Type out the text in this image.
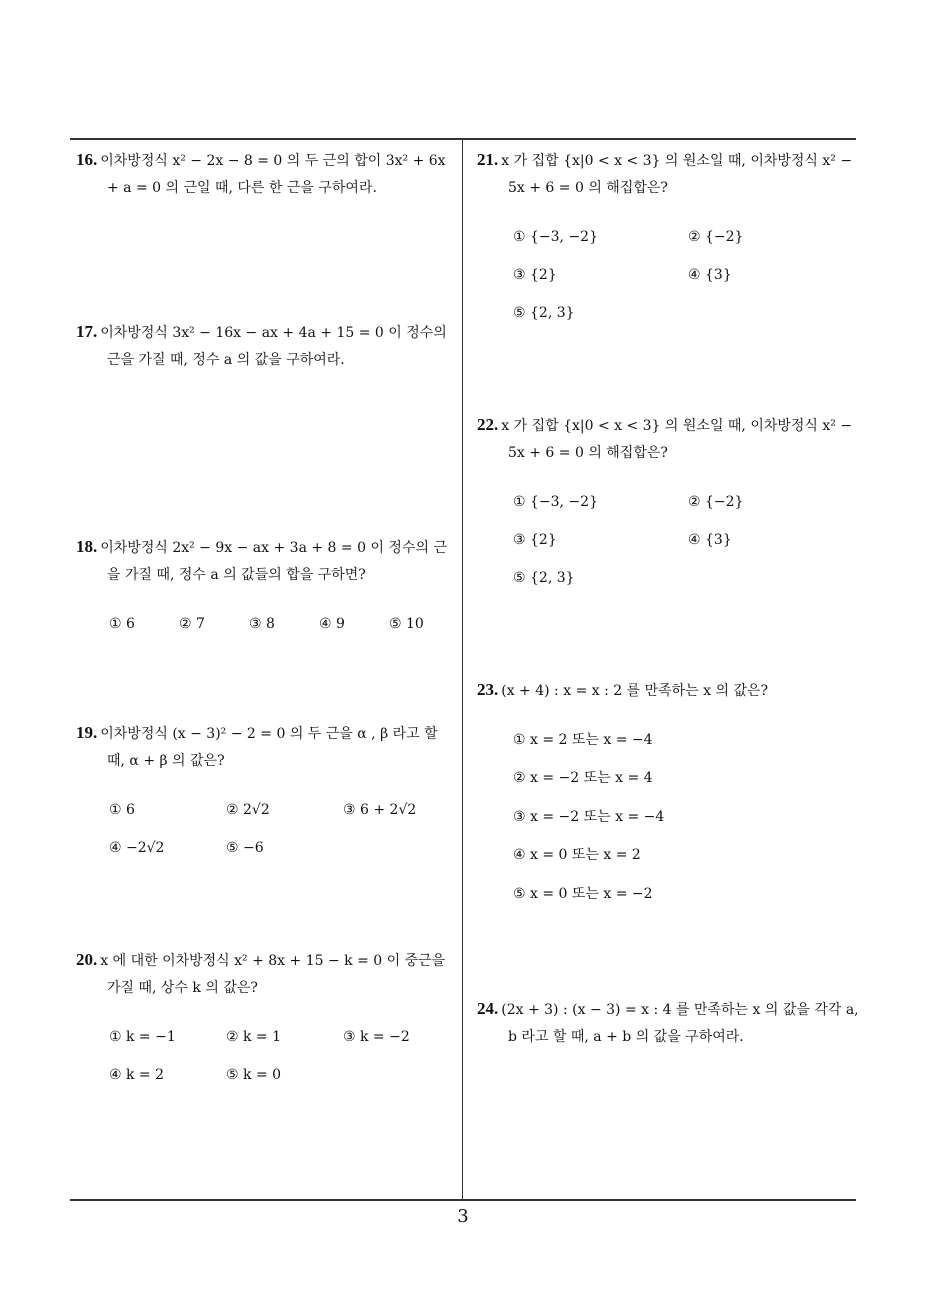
16. 이차방정식 x² − 2x − 8 = 0 의 두 근의 합이 3x² + 6x + a = 0 의 근일 때, 다른 한 근을 구하여라.

17. 이차방정식 3x² − 16x − ax + 4a + 15 = 0 이 정수의 근을 가질 때, 정수 a 의 값을 구하여라.

18. 이차방정식 2x² − 9x − ax + 3a + 8 = 0 이 정수의 근을 가질 때, 정수 a 의 값들의 합을 구하면?

① 6	② 7	③ 8	④ 9	⑤ 10

19. 이차방정식 (x − 3)² − 2 = 0 의 두 근을 α , β 라고 할 때, α + β 의 값은?

① 6	② 2√2	③ 6 + 2√2
④ −2√2	⑤ −6

20. x 에 대한 이차방정식 x² + 8x + 15 − k = 0 이 중근을 가질 때, 상수 k 의 값은?

① k = −1	② k = 1	③ k = −2
④ k = 2	⑤ k = 0

21. x 가 집합 {x|0 < x < 3} 의 원소일 때, 이차방정식 x² − 5x + 6 = 0 의 해집합은?

① {−3, −2}	② {−2}
③ {2}	④ {3}
⑤ {2, 3}

22. x 가 집합 {x|0 < x < 3} 의 원소일 때, 이차방정식 x² − 5x + 6 = 0 의 해집합은?

① {−3, −2}	② {−2}
③ {2}	④ {3}
⑤ {2, 3}

23. (x + 4) : x = x : 2 를 만족하는 x 의 값은?

① x = 2 또는 x = −4
② x = −2 또는 x = 4
③ x = −2 또는 x = −4
④ x = 0 또는 x = 2
⑤ x = 0 또는 x = −2

24. (2x + 3) : (x − 3) = x : 4 를 만족하는 x 의 값을 각각 a, b 라고 할 때, a + b 의 값을 구하여라.

3
